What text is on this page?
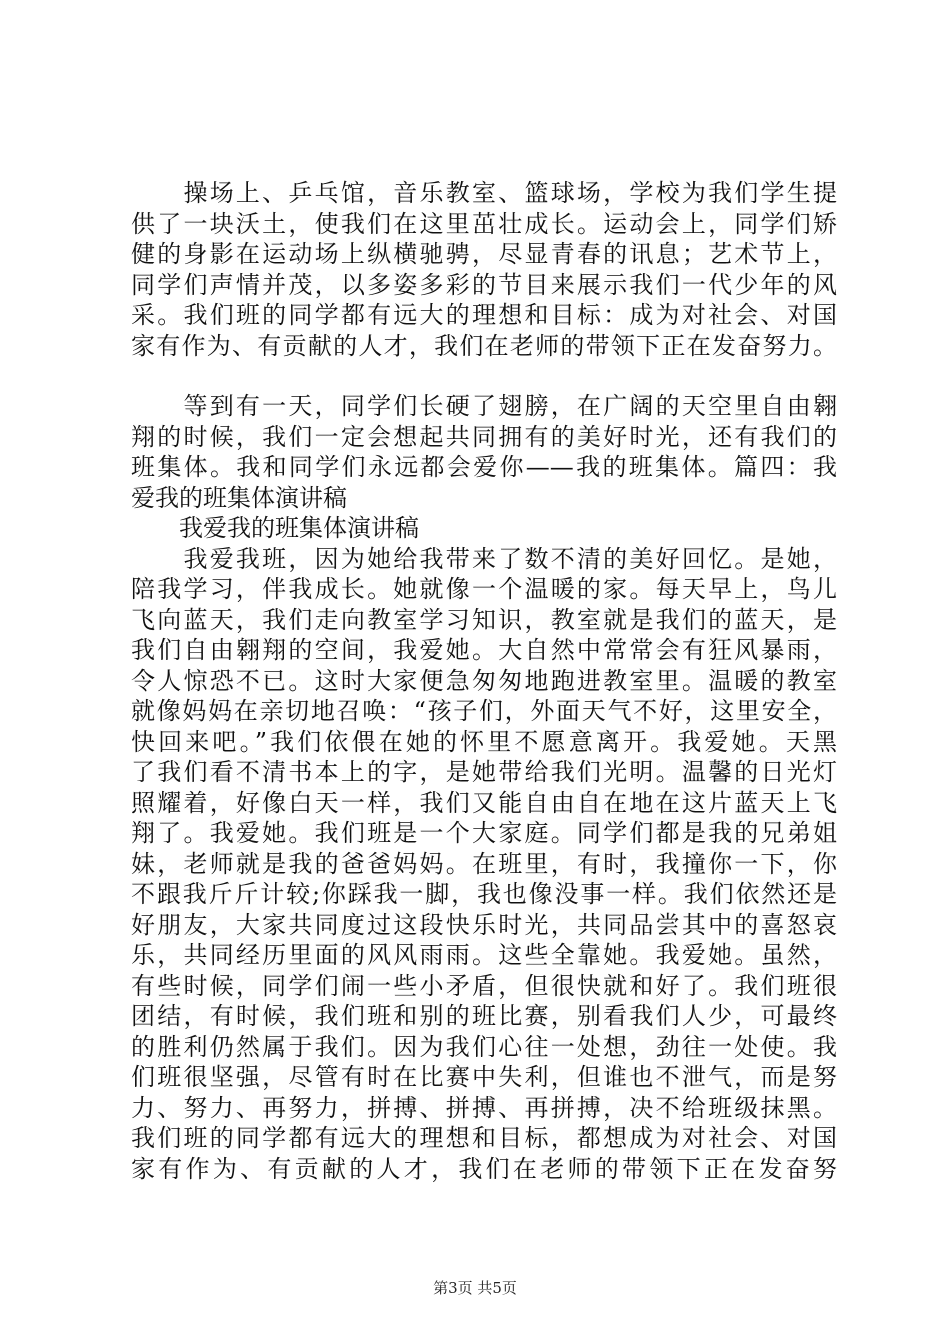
　　操场上、乒乓馆，音乐教室、篮球场，学校为我们学生提
供了一块沃土，使我们在这里茁壮成长。运动会上，同学们矫
健的身影在运动场上纵横驰骋，尽显青春的讯息；艺术节上，
同学们声情并茂，以多姿多彩的节目来展示我们一代少年的风
采。我们班的同学都有远大的理想和目标：成为对社会、对国
家有作为、有贡献的人才，我们在老师的带领下正在发奋努力。
　　等到有一天，同学们长硬了翅膀，在广阔的天空里自由翱
翔的时候，我们一定会想起共同拥有的美好时光，还有我们的
班集体。我和同学们永远都会爱你——我的班集体。篇四：我
爱我的班集体演讲稿
　　我爱我的班集体演讲稿
　　我爱我班，因为她给我带来了数不清的美好回忆。是她，
陪我学习，伴我成长。她就像一个温暖的家。每天早上，鸟儿
飞向蓝天，我们走向教室学习知识，教室就是我们的蓝天，是
我们自由翱翔的空间，我爱她。大自然中常常会有狂风暴雨，
令人惊恐不已。这时大家便急匆匆地跑进教室里。温暖的教室
就像妈妈在亲切地召唤：“孩子们，外面天气不好，这里安全，
快回来吧。”我们依偎在她的怀里不愿意离开。我爱她。天黑
了我们看不清书本上的字，是她带给我们光明。温馨的日光灯
照耀着，好像白天一样，我们又能自由自在地在这片蓝天上飞
翔了。我爱她。我们班是一个大家庭。同学们都是我的兄弟姐
妹，老师就是我的爸爸妈妈。在班里，有时，我撞你一下，你
不跟我斤斤计较;你踩我一脚，我也像没事一样。我们依然还是
好朋友，大家共同度过这段快乐时光，共同品尝其中的喜怒哀
乐，共同经历里面的风风雨雨。这些全靠她。我爱她。虽然，
有些时候，同学们闹一些小矛盾，但很快就和好了。我们班很
团结，有时候，我们班和别的班比赛，别看我们人少，可最终
的胜利仍然属于我们。因为我们心往一处想，劲往一处使。我
们班很坚强，尽管有时在比赛中失利，但谁也不泄气，而是努
力、努力、再努力，拼搏、拼搏、再拼搏，决不给班级抹黑。
我们班的同学都有远大的理想和目标，都想成为对社会、对国
家有作为、有贡献的人才，我们在老师的带领下正在发奋努
第3页 共5页
